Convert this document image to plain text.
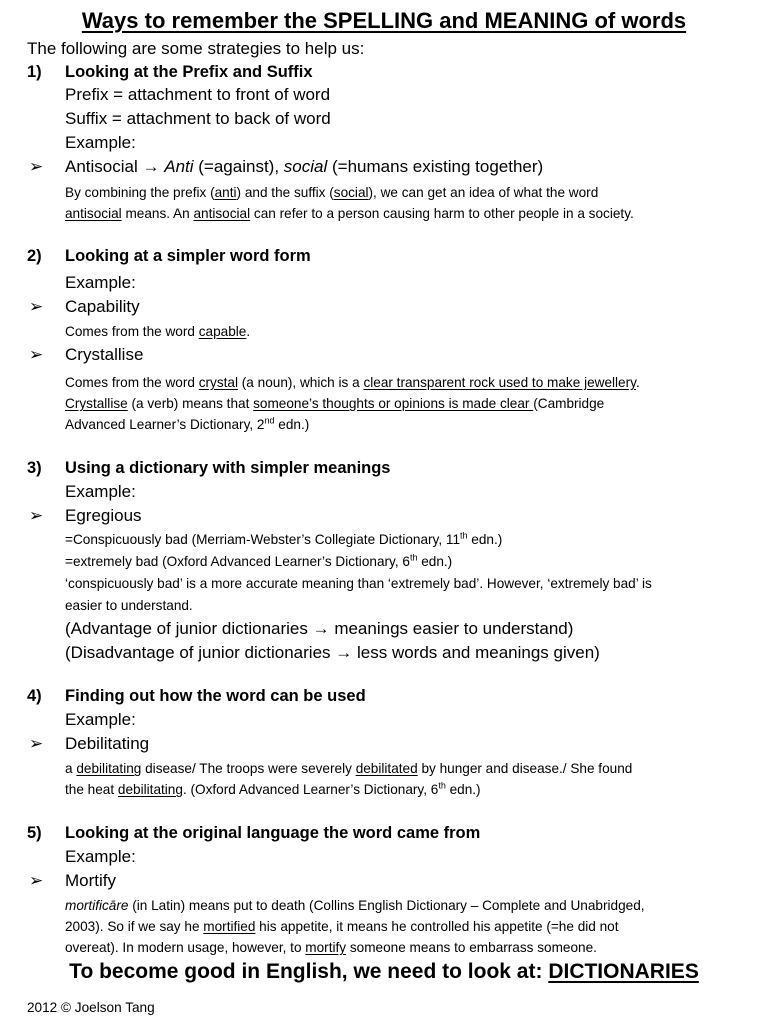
Ways to remember the SPELLING and MEANING of words
The following are some strategies to help us:
1) Looking at the Prefix and Suffix
Prefix = attachment to front of word
Suffix = attachment to back of word
Example:
➢ Antisocial → Anti (=against), social (=humans existing together)
By combining the prefix (anti) and the suffix (social), we can get an idea of what the word
antisocial means. An antisocial can refer to a person causing harm to other people in a society.
2) Looking at a simpler word form
Example:
➢ Capability
Comes from the word capable.
➢ Crystallise
Comes from the word crystal (a noun), which is a clear transparent rock used to make jewellery.
Crystallise (a verb) means that someone’s thoughts or opinions is made clear (Cambridge
Advanced Learner’s Dictionary, 2nd edn.)
3) Using a dictionary with simpler meanings
Example:
➢ Egregious
=Conspicuously bad (Merriam-Webster’s Collegiate Dictionary, 11th edn.)
=extremely bad (Oxford Advanced Learner’s Dictionary, 6th edn.)
‘conspicuously bad’ is a more accurate meaning than ‘extremely bad’. However, ‘extremely bad’ is
easier to understand.
(Advantage of junior dictionaries → meanings easier to understand)
(Disadvantage of junior dictionaries → less words and meanings given)
4) Finding out how the word can be used
Example:
➢ Debilitating
a debilitating disease/ The troops were severely debilitated by hunger and disease./ She found
the heat debilitating. (Oxford Advanced Learner’s Dictionary, 6th edn.)
5) Looking at the original language the word came from
Example:
➢ Mortify
mortificāre (in Latin) means put to death (Collins English Dictionary – Complete and Unabridged,
2003). So if we say he mortified his appetite, it means he controlled his appetite (=he did not
overeat). In modern usage, however, to mortify someone means to embarrass someone.
To become good in English, we need to look at: DICTIONARIES
2012 © Joelson Tang
